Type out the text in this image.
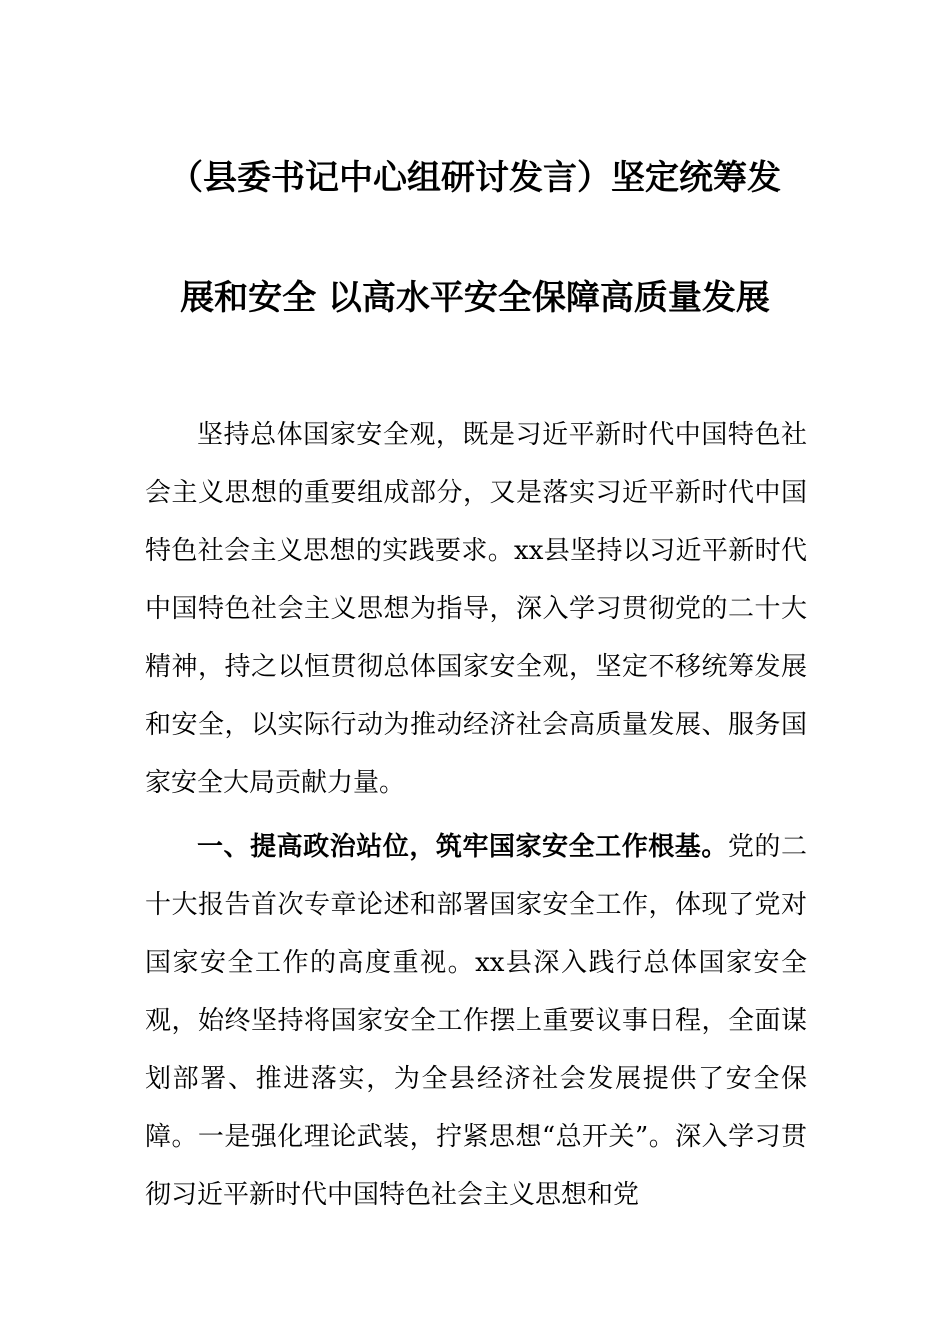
（县委书记中心组研讨发言）坚定统筹发
展和安全 以高水平安全保障高质量发展

坚持总体国家安全观，既是习近平新时代中国特色社会主义思想的重要组成部分，又是落实习近平新时代中国特色社会主义思想的实践要求。xx县坚持以习近平新时代中国特色社会主义思想为指导，深入学习贯彻党的二十大精神，持之以恒贯彻总体国家安全观，坚定不移统筹发展和安全，以实际行动为推动经济社会高质量发展、服务国家安全大局贡献力量。

一、提高政治站位，筑牢国家安全工作根基。党的二十大报告首次专章论述和部署国家安全工作，体现了党对国家安全工作的高度重视。xx县深入践行总体国家安全观，始终坚持将国家安全工作摆上重要议事日程，全面谋划部署、推进落实，为全县经济社会发展提供了安全保障。一是强化理论武装，拧紧思想“总开关”。深入学习贯彻习近平新时代中国特色社会主义思想和党
